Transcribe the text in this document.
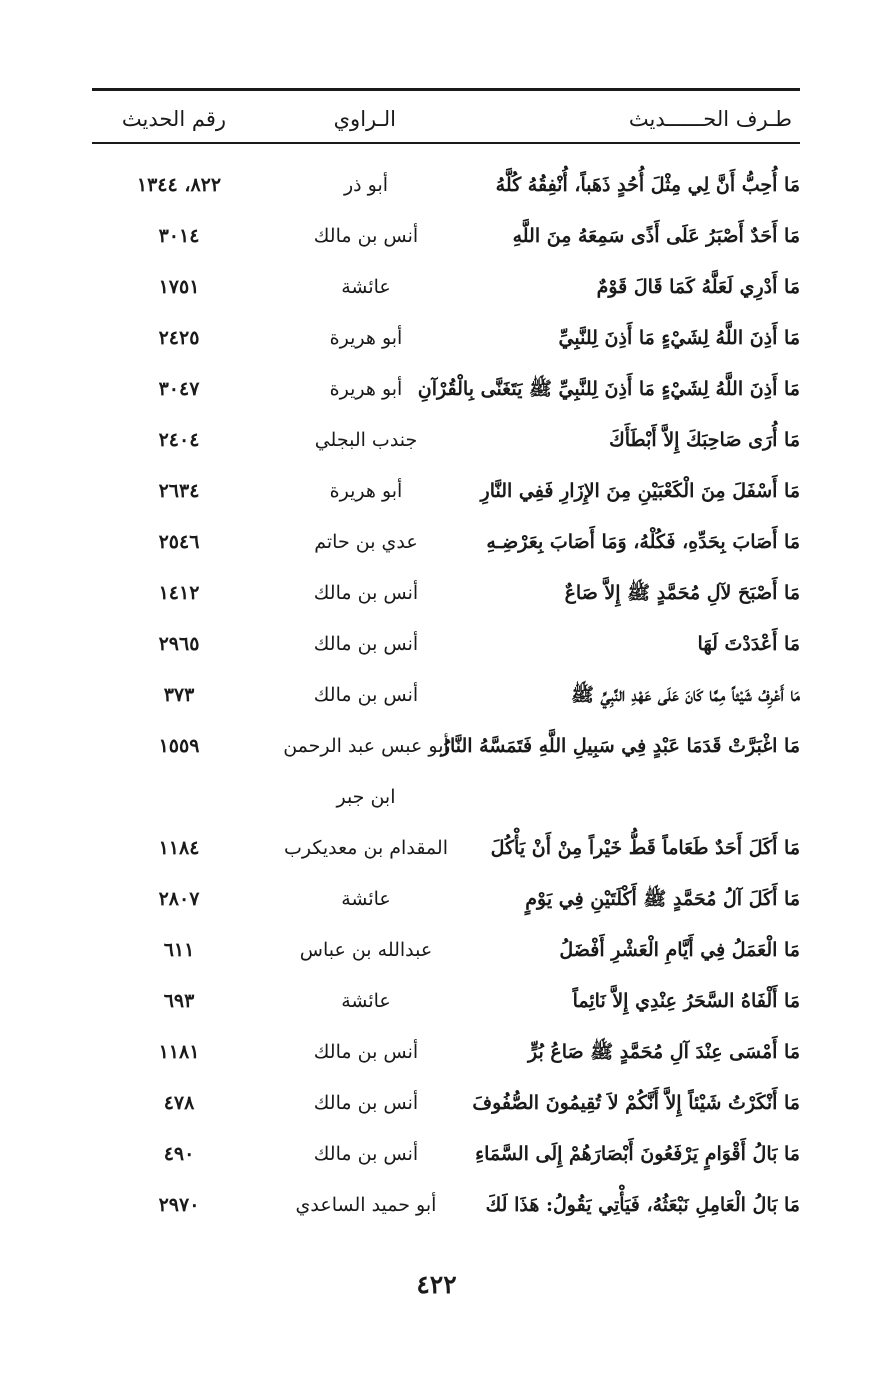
طـرف الحــــــديث
الـراوي
رقم الحديث
مَا أُحِبُّ أَنَّ لِي مِثْلَ أُحُدٍ ذَهَباً، أُنْفِقُهُ كُلَّهُ
أبو ذر
٨٢٢، ١٣٤٤
مَا أَحَدٌ أَصْبَرُ عَلَى أَذًى سَمِعَهُ مِنَ اللَّهِ
أنس بن مالك
٣٠١٤
مَا أَدْرِي لَعَلَّهُ كَمَا قَالَ قَوْمٌ
عائشة
١٧٥١
مَا أَذِنَ اللَّهُ لِشَيْءٍ مَا أَذِنَ لِلنَّبِيِّ
أبو هريرة
٢٤٢٥
مَا أَذِنَ اللَّهُ لِشَيْءٍ مَا أَذِنَ لِلنَّبِيِّ ﷺ يَتَغَنَّى بِالْقُرْآنِ
أبو هريرة
٣٠٤٧
مَا أُرَى صَاحِبَكَ إِلاَّ أَبْطَأَكَ
جندب البجلي
٢٤٠٤
مَا أَسْفَلَ مِنَ الْكَعْبَيْنِ مِنَ الإِزَارِ فَفِي النَّارِ
أبو هريرة
٢٦٣٤
مَا أَصَابَ بِحَدِّهِ، فَكُلْهُ، وَمَا أَصَابَ بِعَرْضِـهِ
عدي بن حاتم
٢٥٤٦
مَا أَصْبَحَ لآلِ مُحَمَّدٍ ﷺ إِلاَّ صَاعٌ
أنس بن مالك
١٤١٢
مَا أَعْدَدْتَ لَهَا
أنس بن مالك
٢٩٦٥
مَا أَعْرِفُ شَيْئاً مِمَّا كَانَ عَلَى عَهْدِ النَّبِيِّ ﷺ
أنس بن مالك
٣٧٣
مَا اغْبَرَّتْ قَدَمَا عَبْدٍ فِي سَبِيلِ اللَّهِ فَتَمَسَّهُ النَّارُ
أبو عبس عبد الرحمن
١٥٥٩
ابن جبر
مَا أَكَلَ أَحَدٌ طَعَاماً قَطُّ خَيْراً مِنْ أَنْ يَأْكُلَ
المقدام بن معديكرب
١١٨٤
مَا أَكَلَ آلُ مُحَمَّدٍ ﷺ أَكْلَتَيْنِ فِي يَوْمٍ
عائشة
٢٨٠٧
مَا الْعَمَلُ فِي أَيَّامِ الْعَشْرِ أَفْضَلُ
عبدالله بن عباس
٦١١
مَا أَلْفَاهُ السَّحَرُ عِنْدِي إِلاَّ نَائِماً
عائشة
٦٩٣
مَا أَمْسَى عِنْدَ آلِ مُحَمَّدٍ ﷺ صَاعُ بُرٍّ
أنس بن مالك
١١٨١
مَا أَنْكَرْتُ شَيْئاً إِلاَّ أَنَّكُمْ لاَ تُقِيمُونَ الصُّفُوفَ
أنس بن مالك
٤٧٨
مَا بَالُ أَقْوَامٍ يَرْفَعُونَ أَبْصَارَهُمْ إِلَى السَّمَاءِ
أنس بن مالك
٤٩٠
مَا بَالُ الْعَامِلِ نَبْعَثُهُ، فَيَأْتِي يَقُولُ: هَذَا لَكَ
أبو حميد الساعدي
٢٩٧٠
٤٢٢
